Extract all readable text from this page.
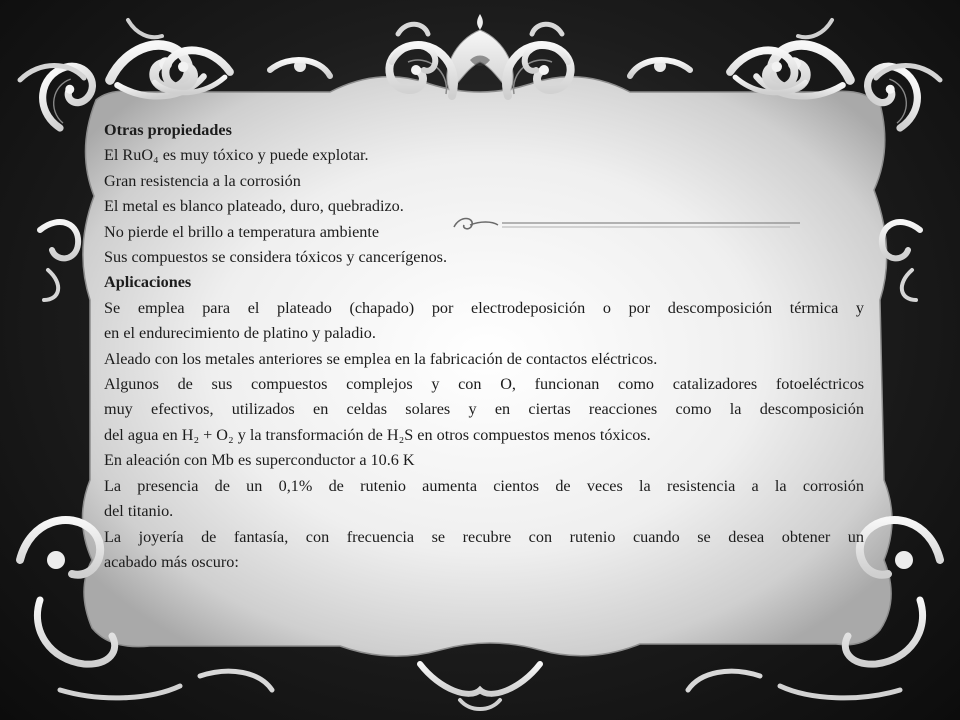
Otras propiedades
El RuO₄ es muy tóxico y puede explotar.
Gran resistencia a la corrosión
El metal es blanco plateado, duro, quebradizo.
No pierde el brillo a temperatura ambiente
Sus compuestos se considera tóxicos y cancerígenos.
Aplicaciones
Se emplea para el plateado (chapado) por electrodeposición o por descomposición térmica y
en el endurecimiento de platino y paladio.
Aleado con los metales anteriores se emplea en la fabricación de contactos eléctricos.
Algunos de sus compuestos complejos y con O, funcionan como catalizadores fotoeléctricos
muy efectivos, utilizados en celdas solares y en ciertas reacciones como la descomposición
del agua en H₂ + O₂ y la transformación de H₂S en otros compuestos menos tóxicos.
En aleación con Mb es superconductor a 10.6 K
La presencia de un 0,1% de rutenio aumenta cientos de veces la resistencia a la corrosión
del titanio.
La joyería de fantasía, con frecuencia se recubre con rutenio cuando se desea obtener un
acabado más oscuro:
